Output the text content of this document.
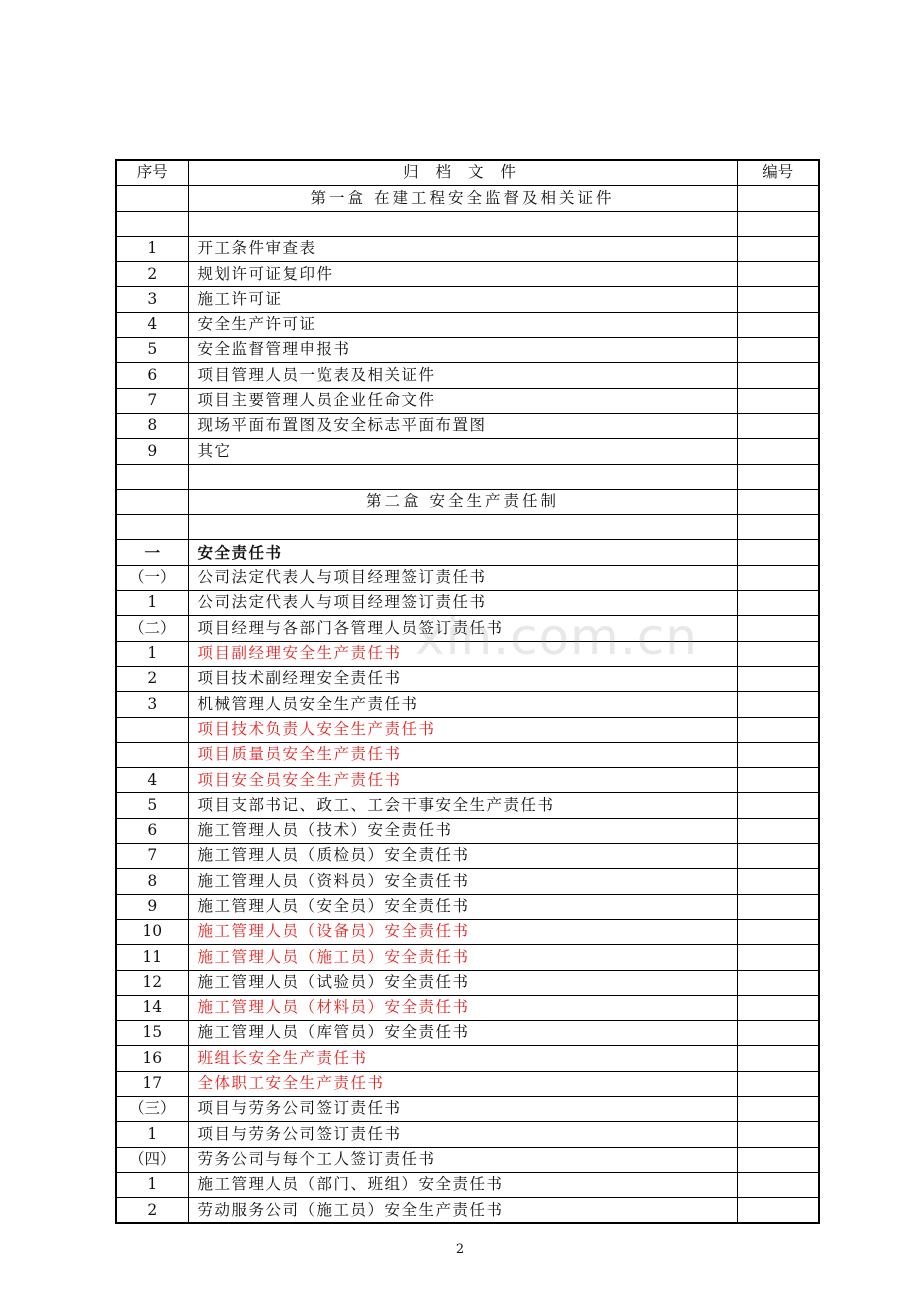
序号	归 档 文 件	编号
	第一盒 在建工程安全监督及相关证件	

1	开工条件审查表	
2	规划许可证复印件	
3	施工许可证	
4	安全生产许可证	
5	安全监督管理申报书	
6	项目管理人员一览表及相关证件	
7	项目主要管理人员企业任命文件	
8	现场平面布置图及安全标志平面布置图	
9	其它	

	第二盒 安全生产责任制	

一	安全责任书	
（一）	公司法定代表人与项目经理签订责任书	
1	公司法定代表人与项目经理签订责任书	
（二）	项目经理与各部门各管理人员签订责任书	
1	项目副经理安全生产责任书	
2	项目技术副经理安全责任书	
3	机械管理人员安全生产责任书	
	项目技术负责人安全生产责任书	
	项目质量员安全生产责任书	
4	项目安全员安全生产责任书	
5	项目支部书记、政工、工会干事安全生产责任书	
6	施工管理人员（技术）安全责任书	
7	施工管理人员（质检员）安全责任书	
8	施工管理人员（资料员）安全责任书	
9	施工管理人员（安全员）安全责任书	
10	施工管理人员（设备员）安全责任书	
11	施工管理人员（施工员）安全责任书	
12	施工管理人员（试验员）安全责任书	
14	施工管理人员（材料员）安全责任书	
15	施工管理人员（库管员）安全责任书	
16	班组长安全生产责任书	
17	全体职工安全生产责任书	
（三）	项目与劳务公司签订责任书	
1	项目与劳务公司签订责任书	
（四）	劳务公司与每个工人签订责任书	
1	施工管理人员（部门、班组）安全责任书	
2	劳动服务公司（施工员）安全生产责任书	
xin.com.cn
2
